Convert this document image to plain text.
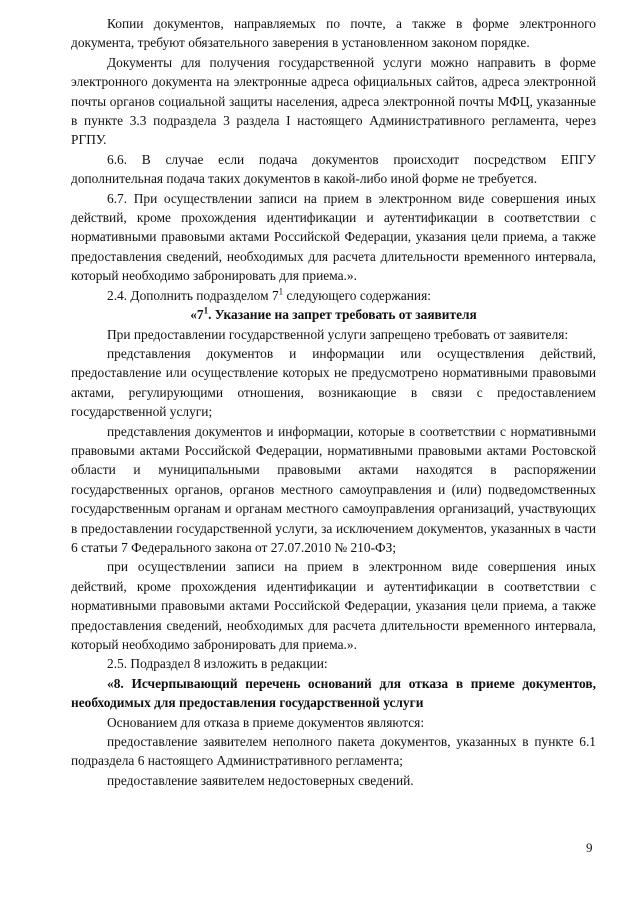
Копии документов, направляемых по почте, а также в форме электронного документа, требуют обязательного заверения в установленном законом порядке.

Документы для получения государственной услуги можно направить в форме электронного документа на электронные адреса официальных сайтов, адреса электронной почты органов социальной защиты населения, адреса электронной почты МФЦ, указанные в пункте 3.3 подраздела 3 раздела I настоящего Административного регламента, через РГПУ.

6.6. В случае если подача документов происходит посредством ЕПГУ дополнительная подача таких документов в какой-либо иной форме не требуется.

6.7. При осуществлении записи на прием в электронном виде совершения иных действий, кроме прохождения идентификации и аутентификации в соответствии с нормативными правовыми актами Российской Федерации, указания цели приема, а также предоставления сведений, необходимых для расчета длительности временного интервала, который необходимо забронировать для приема.».

2.4. Дополнить подразделом $7^1$ следующего содержания:

«$7^1$. Указание на запрет требовать от заявителя

При предоставлении государственной услуги запрещено требовать от заявителя:

представления документов и информации или осуществления действий, предоставление или осуществление которых не предусмотрено нормативными правовыми актами, регулирующими отношения, возникающие в связи с предоставлением государственной услуги;

представления документов и информации, которые в соответствии с нормативными правовыми актами Российской Федерации, нормативными правовыми актами Ростовской области и муниципальными правовыми актами находятся в распоряжении государственных органов, органов местного самоуправления и (или) подведомственных государственным органам и органам местного самоуправления организаций, участвующих в предоставлении государственной услуги, за исключением документов, указанных в части 6 статьи 7 Федерального закона от 27.07.2010 № 210-ФЗ;

при осуществлении записи на прием в электронном виде совершения иных действий, кроме прохождения идентификации и аутентификации в соответствии с нормативными правовыми актами Российской Федерации, указания цели приема, а также предоставления сведений, необходимых для расчета длительности временного интервала, который необходимо забронировать для приема.».

2.5. Подраздел 8 изложить в редакции:

«8. Исчерпывающий перечень оснований для отказа в приеме документов, необходимых для предоставления государственной услуги

Основанием для отказа в приеме документов являются:

предоставление заявителем неполного пакета документов, указанных в пункте 6.1 подраздела 6 настоящего Административного регламента;

предоставление заявителем недостоверных сведений.

9
